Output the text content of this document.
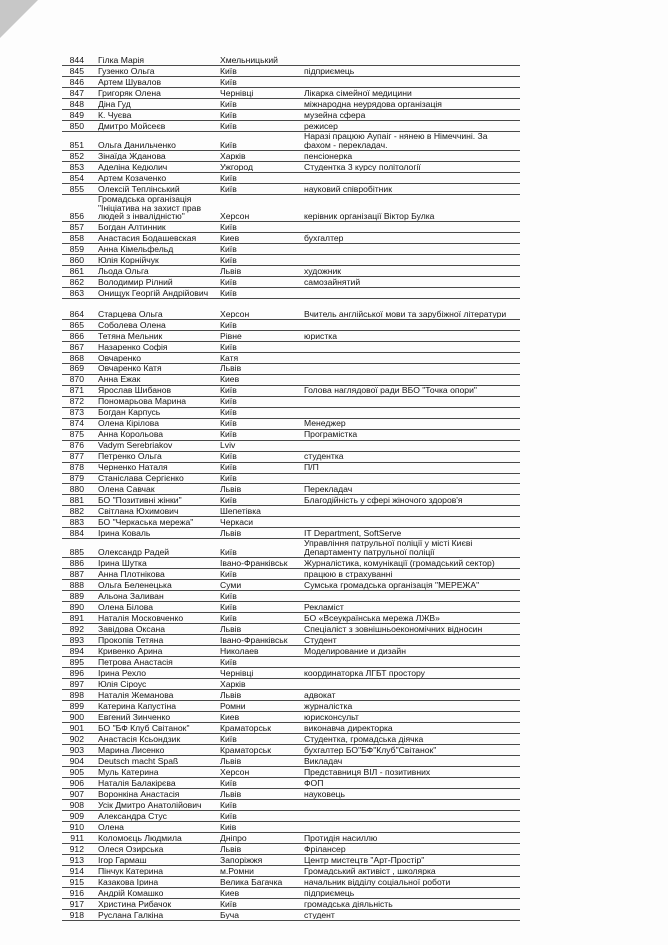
844	Гілка Марія	Хмельницький
845	Гузенко Ольга	Київ	підприємець
846	Артем Шувалов	Київ
847	Григоряк Олена	Чернівці	Лікарка сімейної медицини
848	Діна Гуд	Київ	міжнародна неурядова організація
849	К. Чуєва	Київ	музейна сфера
850	Дмитро Мойсеєв	Київ	режисер
851	Ольга Данильченко	Київ
Наразі працюю Аупаіг - нянею в Німеччині. За
фахом - перекладач.
852	Зінаїда Жданова	Харків	пенсіонерка
853	Аделіна Кедюлич	Ужгород	Студентка 3 курсу політології
854	Артем Козаченко	Київ
855	Олексій Теплінський	Київ	науковий співробітник
856
Громадська організація
"Ініціатива на захист прав
людей з інвалідністю"	Херсон	керівник організації Віктор Булка
857	Богдан Алтинник	Київ
858	Анастасия Бодашевская	Киев	бухгалтер
859	Анна Кімельфельд	Київ
860	Юлія Корнійчук	Київ
861	Льода Ольга	Львів	художник
862	Володимир Рілний	Київ	самозайнятий
863	Онищук Георгій Андрійович	Київ
864	Старцева Ольга	Херсон	Вчитель англійської мови та зарубіжної літератури
865	Соболева Олена	Київ
866	Тетяна Мельник	Рівне	юристка
867	Назаренко Софія	Київ
868	Овчаренко	Катя
869	Овчаренко Катя	Львів
870	Анна Ежак	Киев
871	Ярослав Шибанов	Київ	Голова наглядової ради ВБО "Точка опори"
872	Пономарьова Марина	Київ
873	Богдан Карпусь	Київ
874	Олена Кірілова	Київ	Менеджер
875	Анна Корольова	Київ	Програмістка
876	Vadym Serebriakov	Lviv
877	Петренко Ольга	Київ	студентка
878	Черненко Наталя	Київ	П/П
879	Станіслава Сергієнко	Київ
880	Олена Савчак	Львів	Перекладач
881	БО "Позитивні жінки"	Київ	Благодійність у сфері жіночого здоров'я
882	Світлана Юхимович	Шепетівка
883	БО "Черкаська мережа"	Черкаси
884	Ірина Коваль	Львів	IT Department, SoftServe
885	Олександр Радей	Київ
Управління патрульної поліції у місті Києві
Департаменту патрульної поліції
886	Ірина Шутка	Івано-Франківськ	Журналістика, комунікації (громадський сектор)
887	Анна Плотнікова	Київ	працюю в страхуванні
888	Ольга Беленецька	Суми	Сумська громадська організація "МЕРЕЖА"
889	Альона Заливан	Київ
890	Олена Білова	Київ	Рекламіст
891	Наталія Московченко	Київ	БО «Всеукраїнська мережа ЛЖВ»
892	Завідова Оксана	Львів	Спеціаліст з зовнішньоекономічних відносин
893	Прокопів Тетяна	Івано-Франківськ	Студент
894	Кривенко Арина	Николаев	Моделирование и дизайн
895	Петрова Анастасія	Київ
896	Ірина Рехло	Чернівці	координаторка ЛГБТ простору
897	Юлія Сіроус	Харків
898	Наталія Жеманова	Львів	адвокат
899	Катерина Капустіна	Ромни	журналістка
900	Евгений Зинченко	Киев	юрисконсульт
901	БО "БФ Клуб Світанок"	Краматорськ	виконавча директорка
902	Анастасія Ксьондзик	Київ	Студентка, громадська діячка
903	Марина Лисенко	Краматорськ	бухгалтер БО"БФ"Клуб"Світанок"
904	Deutsch macht Spaß	Львів	Викладач
905	Муль Катерина	Херсон	Представниця ВІЛ - позитивних
906	Наталія Балакірєва	Київ	ФОП
907	Воронкіна Анастасія	Львів	науковець
908	Усік Дмитро Анатолійович	Київ
909	Александра Стус	Київ
910	Олена	Киів
911	Коломоєць Людмила	Дніпро	Протидія насиллю
912	Олеся Озирська	Львів	Фрілансер
913	Ігор Гармаш	Запоріжжя	Центр мистецтв "Арт-Простір"
914	Пінчук Катерина	м.Ромни	Громадський активіст , школярка
915	Казакова Ірина	Велика Багачка	начальник відділу соціальної роботи
916	Андрій Комашко	Киев	підприємець
917	Христина Рибачок	Київ	громадська діяльність
918	Руслана Галкіна	Буча	студент
